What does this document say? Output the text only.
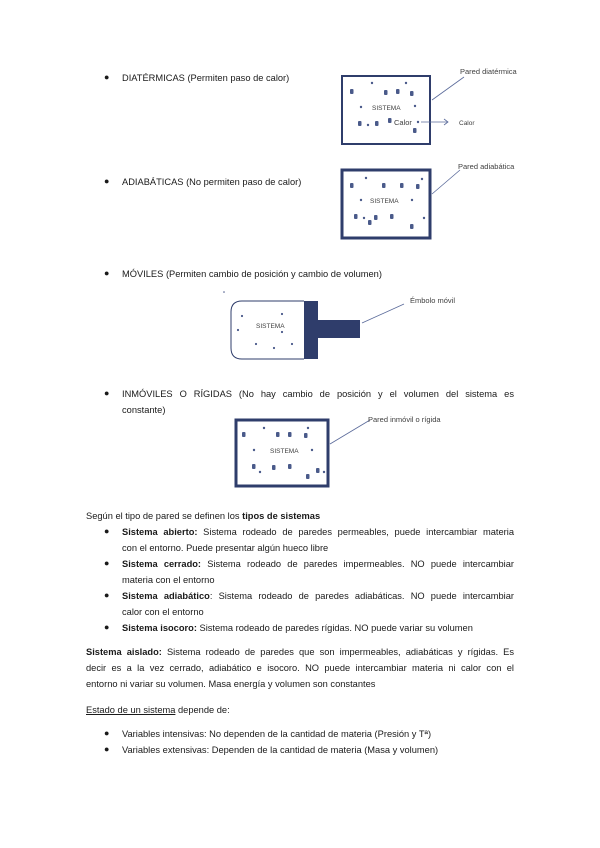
● DIATÉRMICAS (Permiten paso de calor)
SISTEMA
Calor	Calor
Pared diatérmica
● ADIABÁTICAS (No permiten paso de calor)
SISTEMA
Pared adiabática
● MÓVILES (Permiten cambio de posición y cambio de volumen)
SISTEMA
Émbolo móvil
● INMÓVILES O RÍGIDAS (No hay cambio de posición y el volumen del sistema es
constante)
SISTEMA
Pared inmóvil o rígida
Según el tipo de pared se definen los tipos de sistemas
● Sistema abierto: Sistema rodeado de paredes permeables, puede intercambiar materia
con el entorno. Puede presentar algún hueco libre
● Sistema cerrado: Sistema rodeado de paredes impermeables. NO puede intercambiar
materia con el entorno
● Sistema adiabático: Sistema rodeado de paredes adiabáticas. NO puede intercambiar
calor con el entorno
● Sistema isocoro: Sistema rodeado de paredes rígidas. NO puede variar su volumen
Sistema aislado: Sistema rodeado de paredes que son impermeables, adiabáticas y rígidas. Es
decir es a la vez cerrado, adiabático e isocoro. NO puede intercambiar materia ni calor con el
entorno ni variar su volumen. Masa energía y volumen son constantes
Estado de un sistema depende de:
● Variables intensivas: No dependen de la cantidad de materia (Presión y Tª)
● Variables extensivas: Dependen de la cantidad de materia (Masa y volumen)
